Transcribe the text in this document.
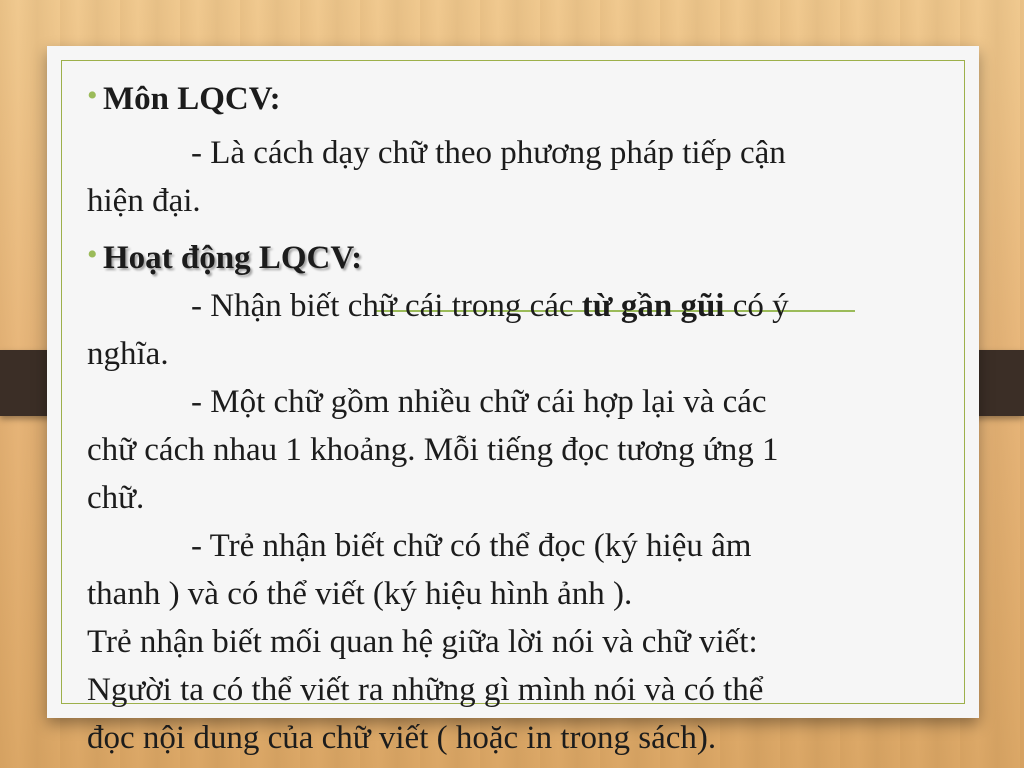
• Môn LQCV:

- Là cách dạy chữ theo phương pháp tiếp cận

hiện đại.

• Hoạt động LQCV:

- Nhận biết chữ cái trong các từ gần gũi có ý

nghĩa.

- Một chữ gồm nhiều chữ cái hợp lại và các

chữ cách nhau 1 khoảng. Mỗi tiếng đọc tương ứng 1

chữ.

- Trẻ nhận biết chữ có thể đọc (ký hiệu âm

thanh ) và có thể viết (ký hiệu hình ảnh ).

Trẻ nhận biết mối quan hệ giữa lời nói và chữ viết:

Người ta có thể viết ra những gì mình nói và có thể

đọc nội dung của chữ viết ( hoặc in trong sách).
